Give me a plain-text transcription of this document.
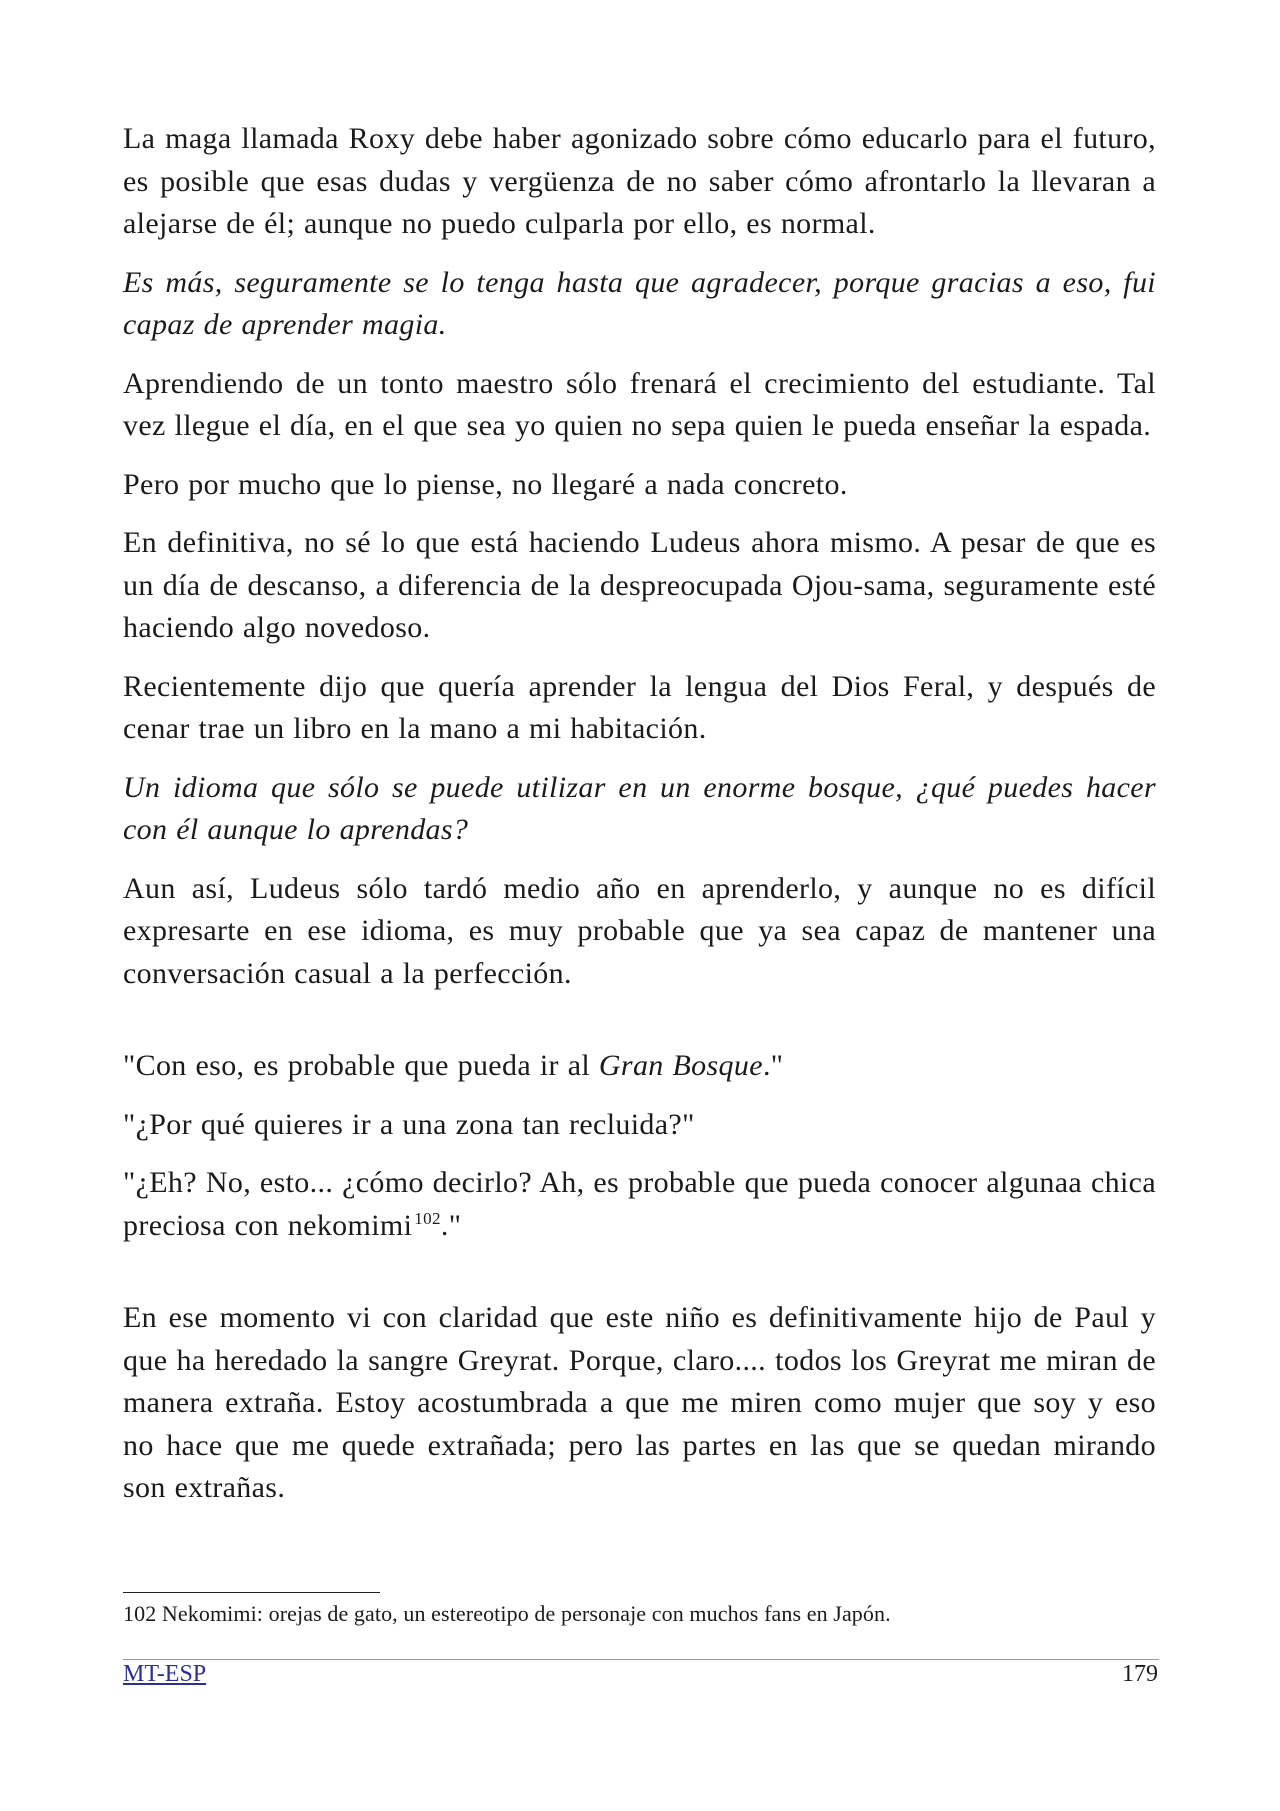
La maga llamada Roxy debe haber agonizado sobre cómo educarlo para el futuro, es posible que esas dudas y vergüenza de no saber cómo afrontarlo la llevaran a alejarse de él; aunque no puedo culparla por ello, es normal.

Es más, seguramente se lo tenga hasta que agradecer, porque gracias a eso, fui capaz de aprender magia.

Aprendiendo de un tonto maestro sólo frenará el crecimiento del estudiante. Tal vez llegue el día, en el que sea yo quien no sepa quien le pueda enseñar la espada.

Pero por mucho que lo piense, no llegaré a nada concreto.

En definitiva, no sé lo que está haciendo Ludeus ahora mismo. A pesar de que es un día de descanso, a diferencia de la despreocupada Ojou-sama, seguramente esté haciendo algo novedoso.

Recientemente dijo que quería aprender la lengua del Dios Feral, y después de cenar trae un libro en la mano a mi habitación.

Un idioma que sólo se puede utilizar en un enorme bosque, ¿qué puedes hacer con él aunque lo aprendas?

Aun así, Ludeus sólo tardó medio año en aprenderlo, y aunque no es difícil expresarte en ese idioma, es muy probable que ya sea capaz de mantener una conversación casual a la perfección.

"Con eso, es probable que pueda ir al Gran Bosque."

"¿Por qué quieres ir a una zona tan recluida?"

"¿Eh? No, esto... ¿cómo decirlo? Ah, es probable que pueda conocer algunaa chica preciosa con nekomimi $^{102}$."

En ese momento vi con claridad que este niño es definitivamente hijo de Paul y que ha heredado la sangre Greyrat. Porque, claro.... todos los Greyrat me miran de manera extraña. Estoy acostumbrada a que me miren como mujer que soy y eso no hace que me quede extrañada; pero las partes en las que se quedan mirando son extrañas.

102 Nekomimi: orejas de gato, un estereotipo de personaje con muchos fans en Japón.
MT-ESP	179
